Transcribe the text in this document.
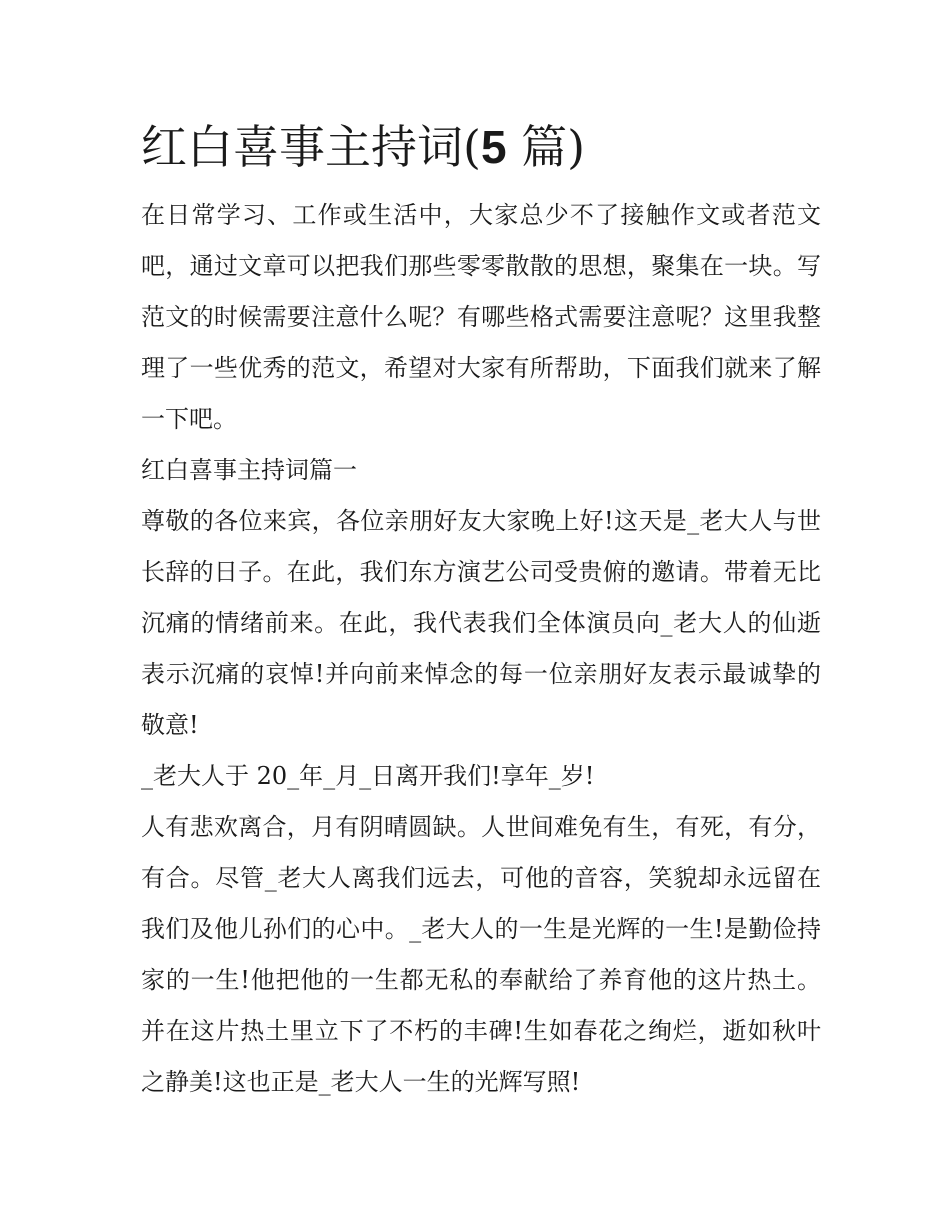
红白喜事主持词(5 篇)

在日常学习、工作或生活中，大家总少不了接触作文或者范文吧，通过文章可以把我们那些零零散散的思想，聚集在一块。写范文的时候需要注意什么呢？有哪些格式需要注意呢？这里我整理了一些优秀的范文，希望对大家有所帮助，下面我们就来了解一下吧。

红白喜事主持词篇一

尊敬的各位来宾，各位亲朋好友大家晚上好!这天是_老大人与世长辞的日子。在此，我们东方演艺公司受贵俯的邀请。带着无比沉痛的情绪前来。在此，我代表我们全体演员向_老大人的仙逝表示沉痛的哀悼!并向前来悼念的每一位亲朋好友表示最诚挚的敬意!

_老大人于 20_年_月_日离开我们!享年_岁!

人有悲欢离合，月有阴晴圆缺。人世间难免有生，有死，有分，有合。尽管_老大人离我们远去，可他的音容，笑貌却永远留在我们及他儿孙们的心中。_老大人的一生是光辉的一生!是勤俭持家的一生!他把他的一生都无私的奉献给了养育他的这片热土。并在这片热土里立下了不朽的丰碑!生如春花之绚烂，逝如秋叶之静美!这也正是_老大人一生的光辉写照!
